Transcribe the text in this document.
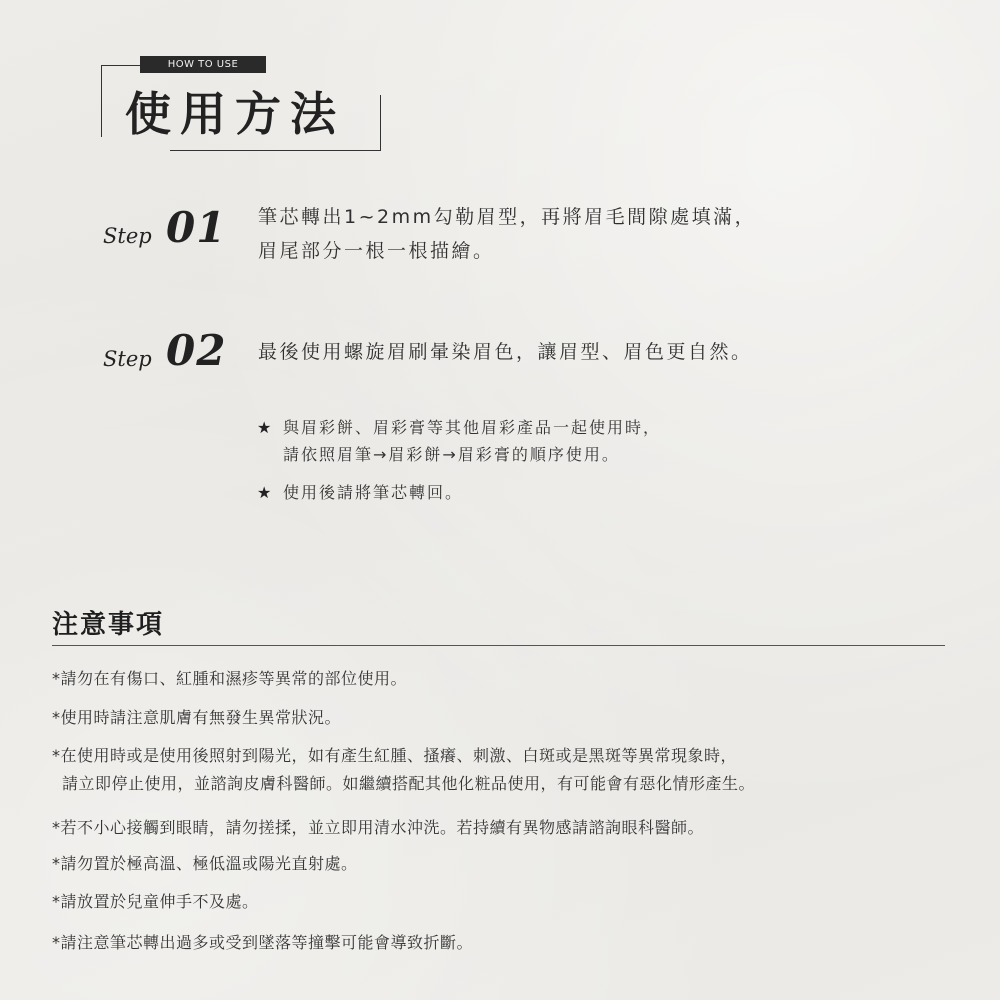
HOW TO USE
使用方法
Step 01 筆芯轉出1~2mm勾勒眉型，再將眉毛間隙處填滿，
眉尾部分一根一根描繪。
Step 02 最後使用螺旋眉刷暈染眉色，讓眉型、眉色更自然。
★ 與眉彩餅、眉彩膏等其他眉彩產品一起使用時，
請依照眉筆→眉彩餅→眉彩膏的順序使用。
★ 使用後請將筆芯轉回。
注意事項
*請勿在有傷口、紅腫和濕疹等異常的部位使用。
*使用時請注意肌膚有無發生異常狀況。
*在使用時或是使用後照射到陽光，如有產生紅腫、搔癢、刺激、白斑或是黑斑等異常現象時，
請立即停止使用，並諮詢皮膚科醫師。如繼續搭配其他化粧品使用，有可能會有惡化情形產生。
*若不小心接觸到眼睛，請勿搓揉，並立即用清水沖洗。若持續有異物感請諮詢眼科醫師。
*請勿置於極高溫、極低溫或陽光直射處。
*請放置於兒童伸手不及處。
*請注意筆芯轉出過多或受到墜落等撞擊可能會導致折斷。
